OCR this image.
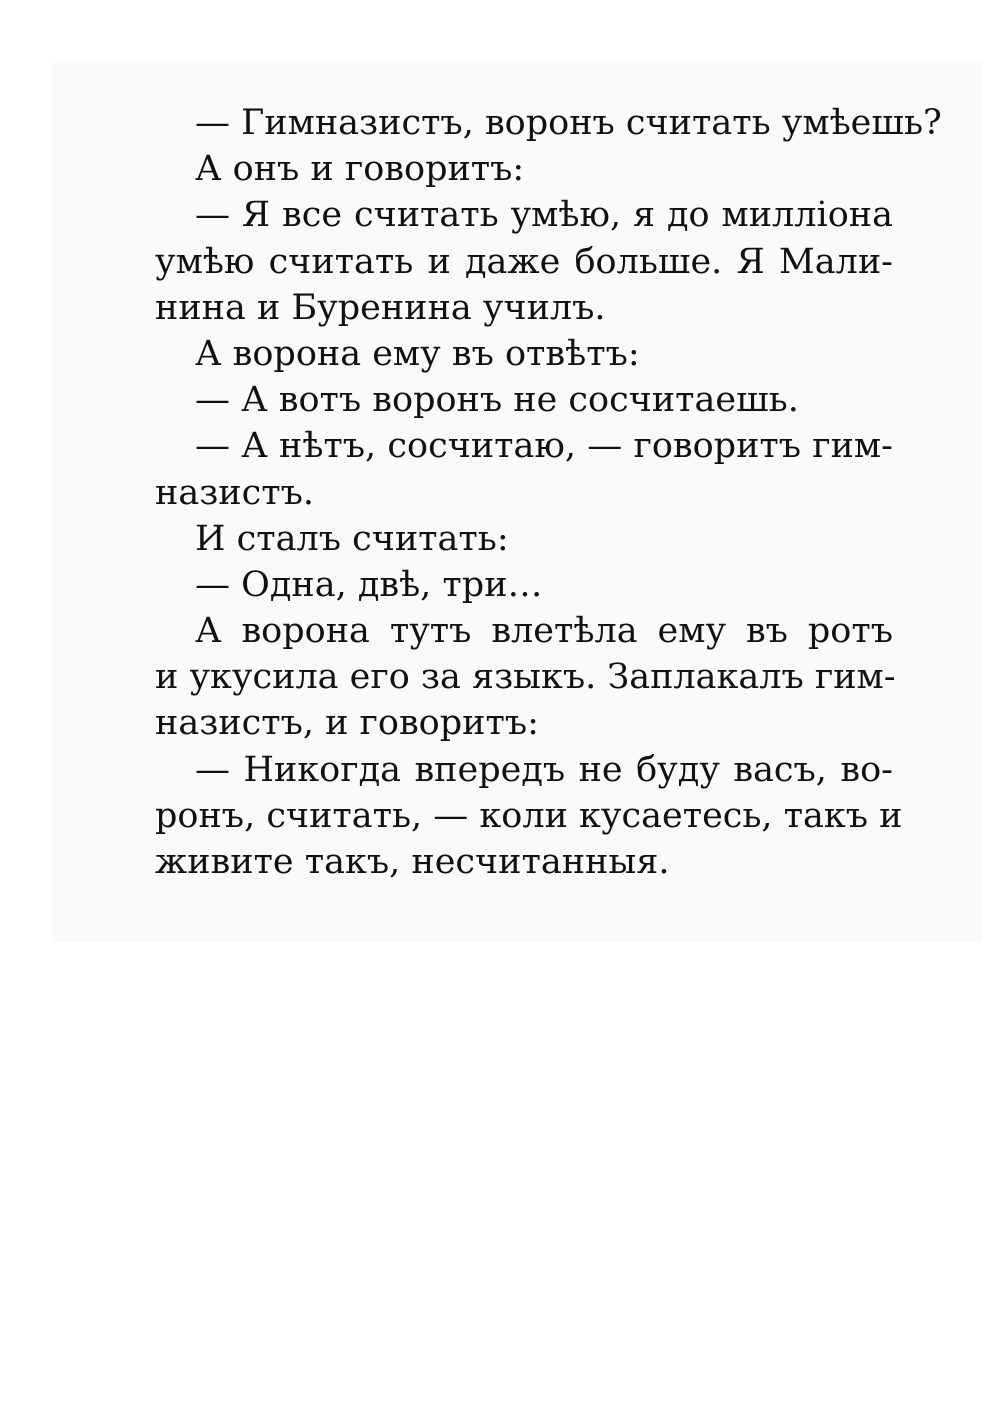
— Гимназистъ, воронъ считать умѣешь?
А онъ и говоритъ:
— Я все считать умѣю, я до милліона
умѣю считать и даже больше. Я Мали-
нина и Буренина училъ.
А ворона ему въ отвѣтъ:
— А вотъ воронъ не сосчитаешь.
— А нѣтъ, сосчитаю, — говоритъ гим-
назистъ.
И сталъ считать:
— Одна, двѣ, три…
А ворона тутъ влетѣла ему въ ротъ
и укусила его за языкъ. Заплакалъ гим-
назистъ, и говоритъ:
— Никогда впередъ не буду васъ, во-
ронъ, считать, — коли кусаетесь, такъ и
живите такъ, несчитанныя.
